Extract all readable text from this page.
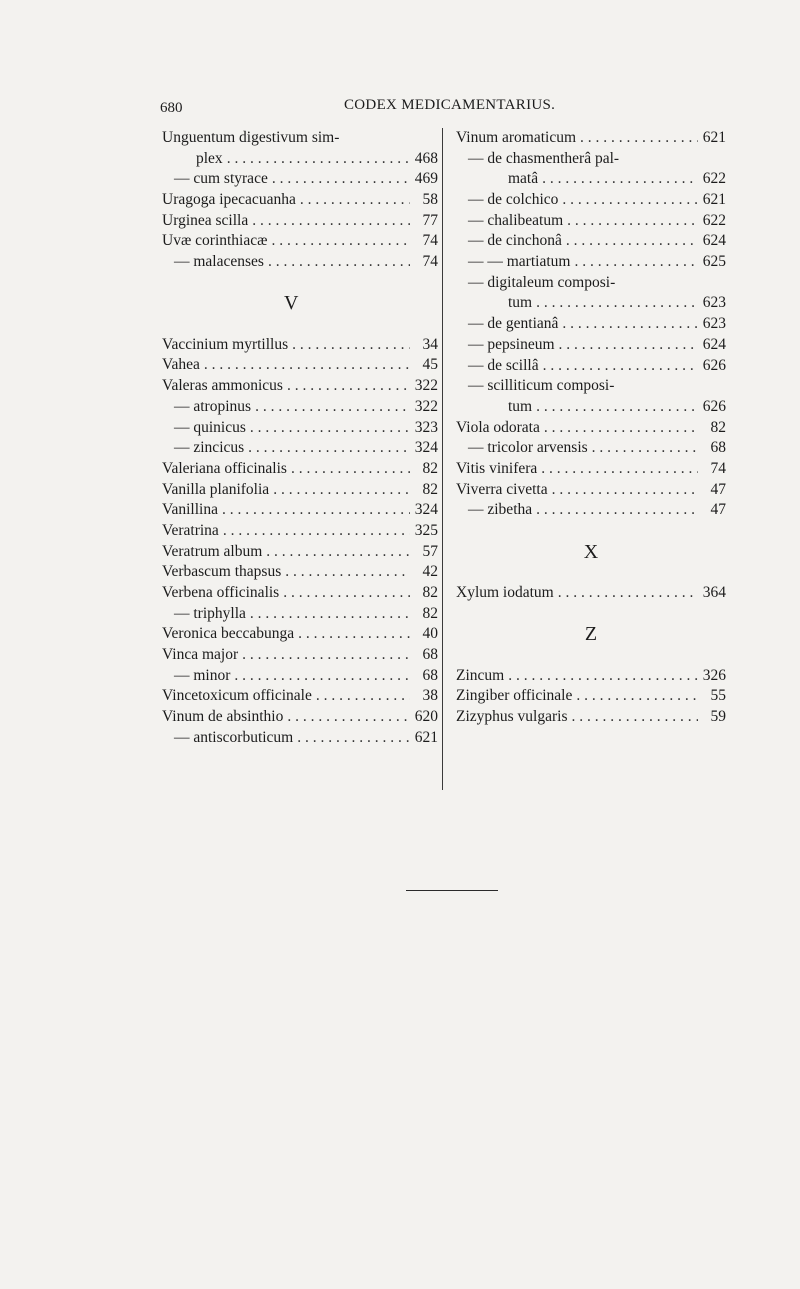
680	CODEX MEDICAMENTARIUS.
Unguentum digestivum sim-
plex . . .	468
— cum styrace . . .	469
Uragoga ipecacuanha . . .	58
Urginea scilla . . .	77
Uvæ corinthiacæ . . .	74
— malacenses . . .	74
V
Vaccinium myrtillus . . .	34
Vahea . . .	45
Valeras ammonicus . . .	322
— atropinus . . .	322
— quinicus . . .	323
— zincicus . . .	324
Valeriana officinalis . . .	82
Vanilla planifolia . . .	82
Vanillina . . .	324
Veratrina . . .	325
Veratrum album . . .	57
Verbascum thapsus . . .	42
Verbena officinalis . . .	82
— triphylla . . .	82
Veronica beccabunga . . .	40
Vinca major . . .	68
— minor . . .	68
Vincetoxicum officinale . . .	38
Vinum de absinthio . . .	620
— antiscorbuticum . . .	621
Vinum aromaticum . . .	621
— de chasmentherâ pal-
matâ . . .	622
— de colchico . . .	621
— chalibeatum . . .	622
— de cinchonâ . . .	624
— — martiatum . . .	625
— digitaleum composi-
tum . . .	623
— de gentianâ . . .	623
— pepsineum . . .	624
— de scillâ . . .	626
— scilliticum composi-
tum . . .	626
Viola odorata . . .	82
— tricolor arvensis . . .	68
Vitis vinifera . . .	74
Viverra civetta . . .	47
— zibetha . . .	47
X
Xylum iodatum . . .	364
Z
Zincum . . .	326
Zingiber officinale . . .	55
Zizyphus vulgaris . . .	59
